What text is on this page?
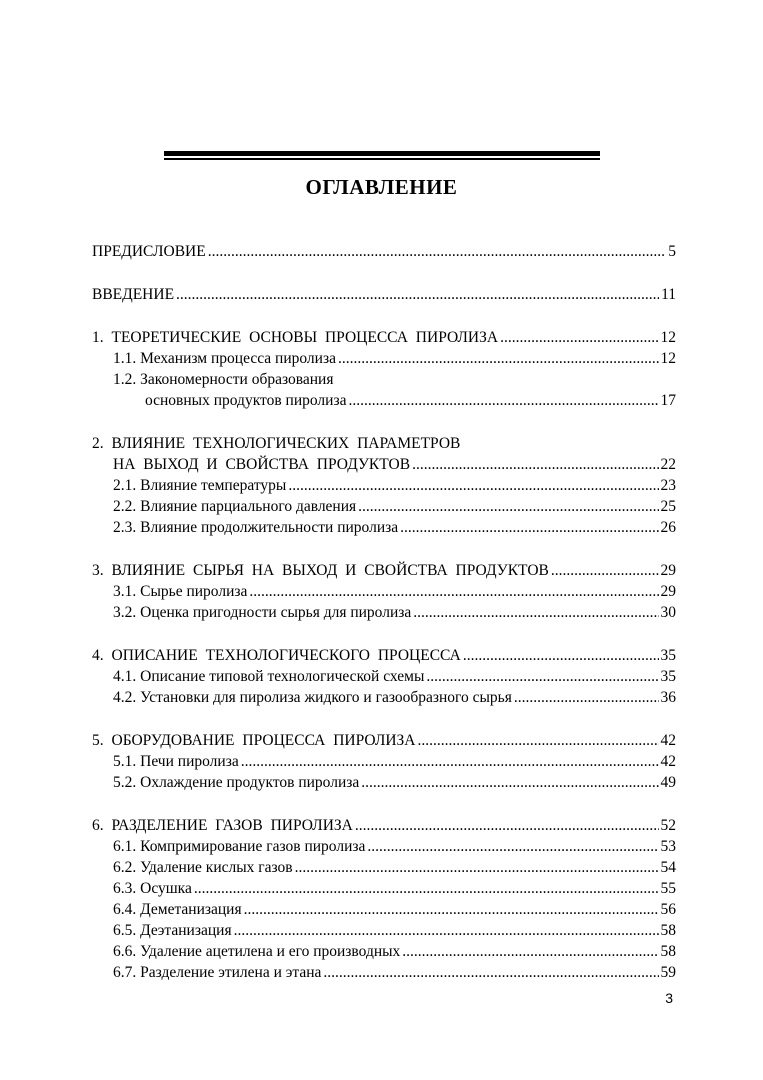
ОГЛАВЛЕНИЕ
ПРЕДИСЛОВИЕ .....	5
ВВЕДЕНИЕ .....	11
1. ТЕОРЕТИЧЕСКИЕ ОСНОВЫ ПРОЦЕССА ПИРОЛИЗА .....	12
1.1. Механизм процесса пиролиза .....	12
1.2. Закономерности образования
основных продуктов пиролиза .....	17
2. ВЛИЯНИЕ ТЕХНОЛОГИЧЕСКИХ ПАРАМЕТРОВ
НА ВЫХОД И СВОЙСТВА ПРОДУКТОВ .....	22
2.1. Влияние температуры .....	23
2.2. Влияние парциального давления .....	25
2.3. Влияние продолжительности пиролиза .....	26
3. ВЛИЯНИЕ СЫРЬЯ НА ВЫХОД И СВОЙСТВА ПРОДУКТОВ .....	29
3.1. Сырье пиролиза .....	29
3.2. Оценка пригодности сырья для пиролиза .....	30
4. ОПИСАНИЕ ТЕХНОЛОГИЧЕСКОГО ПРОЦЕССА .....	35
4.1. Описание типовой технологической схемы .....	35
4.2. Установки для пиролиза жидкого и газообразного сырья .....	36
5. ОБОРУДОВАНИЕ ПРОЦЕССА ПИРОЛИЗА .....	42
5.1. Печи пиролиза .....	42
5.2. Охлаждение продуктов пиролиза .....	49
6. РАЗДЕЛЕНИЕ ГАЗОВ ПИРОЛИЗА .....	52
6.1. Компримирование газов пиролиза .....	53
6.2. Удаление кислых газов .....	54
6.3. Осушка .....	55
6.4. Деметанизация .....	56
6.5. Деэтанизация .....	58
6.6. Удаление ацетилена и его производных .....	58
6.7. Разделение этилена и этана .....	59
3
